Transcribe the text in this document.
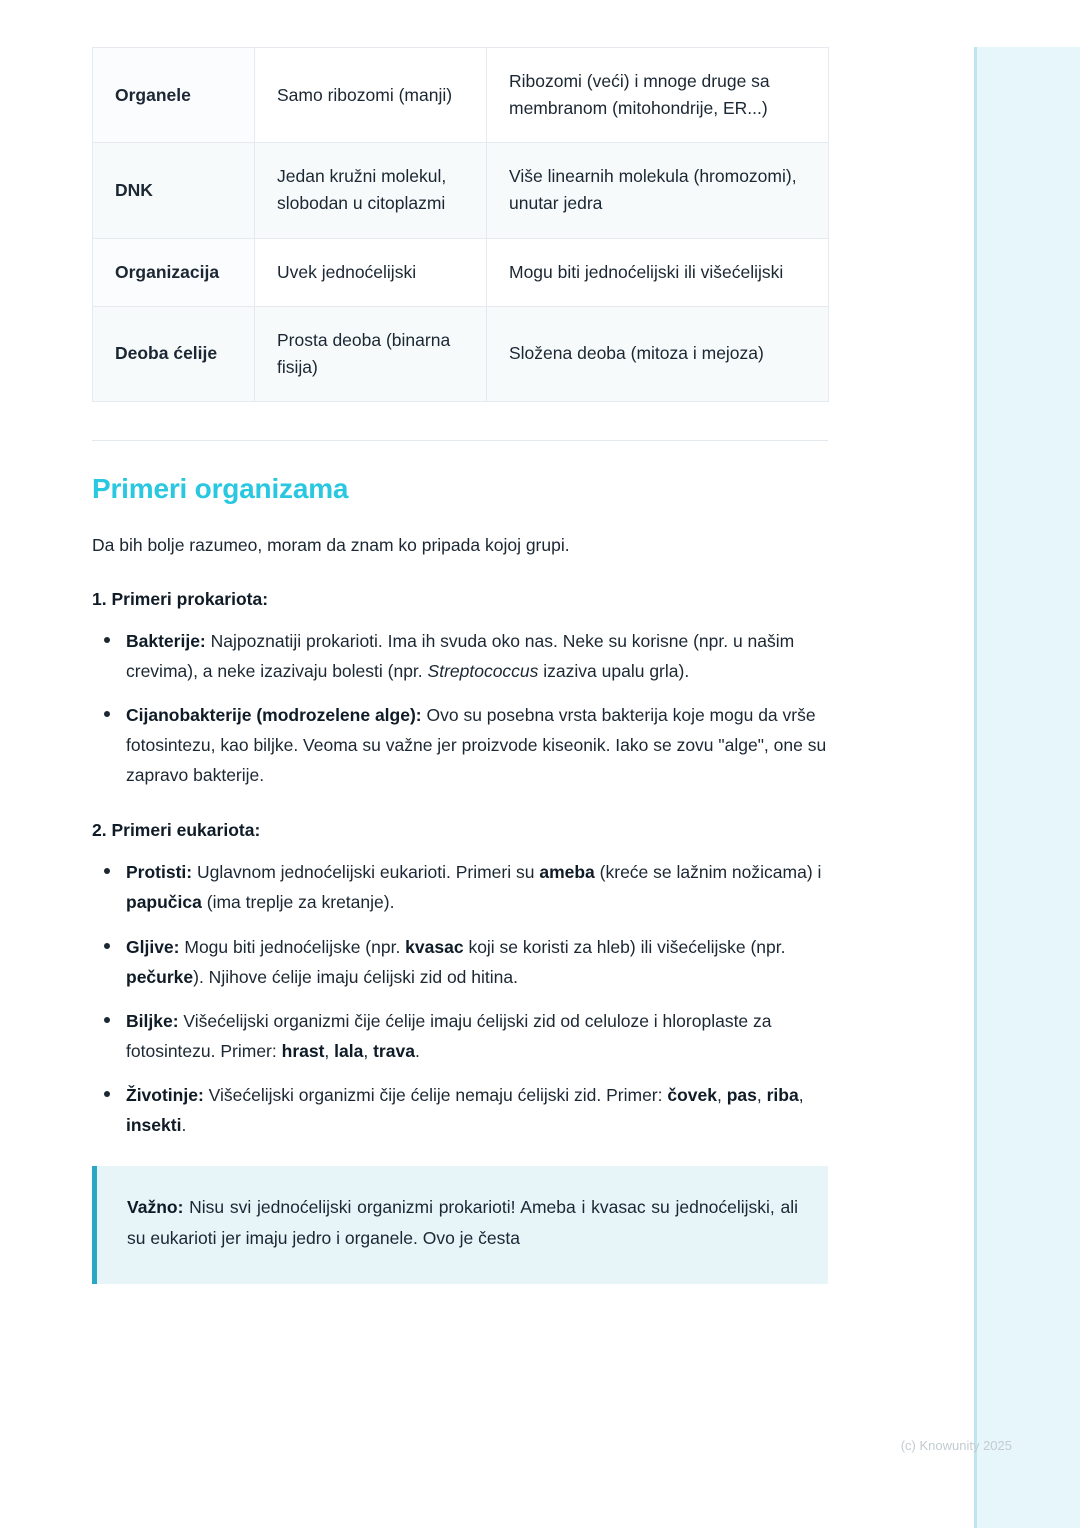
Organele	Samo ribozomi (manji)	Ribozomi (veći) i mnoge druge sa membranom (mitohondrije, ER...)
DNK	Jedan kružni molekul, slobodan u citoplazmi	Više linearnih molekula (hromozomi), unutar jedra
Organizacija	Uvek jednoćelijski	Mogu biti jednoćelijski ili višećelijski
Deoba ćelije	Prosta deoba (binarna fisija)	Složena deoba (mitoza i mejoza)
Primeri organizama

Da bih bolje razumeo, moram da znam ko pripada kojoj grupi.

1. Primeri prokariota:

Bakterije: Najpoznatiji prokarioti. Ima ih svuda oko nas. Neke su korisne (npr. u našim crevima), a neke izazivaju bolesti (npr. Streptococcus izaziva upalu grla).
Cijanobakterije (modrozelene alge): Ovo su posebna vrsta bakterija koje mogu da vrše fotosintezu, kao biljke. Veoma su važne jer proizvode kiseonik. Iako se zovu "alge", one su zapravo bakterije.

2. Primeri eukariota:

Protisti: Uglavnom jednoćelijski eukarioti. Primeri su ameba (kreće se lažnim nožicama) i papučica (ima treplje za kretanje).
Gljive: Mogu biti jednoćelijske (npr. kvasac koji se koristi za hleb) ili višećelijske (npr. pečurke). Njihove ćelije imaju ćelijski zid od hitina.
Biljke: Višećelijski organizmi čije ćelije imaju ćelijski zid od celuloze i hloroplaste za fotosintezu. Primer: hrast, lala, trava.
Životinje: Višećelijski organizmi čije ćelije nemaju ćelijski zid. Primer: čovek, pas, riba, insekti.
Važno: Nisu svi jednoćelijski organizmi prokarioti! Ameba i kvasac su jednoćelijski, ali su eukarioti jer imaju jedro i organele. Ovo je česta
(c) Knowunity 2025
